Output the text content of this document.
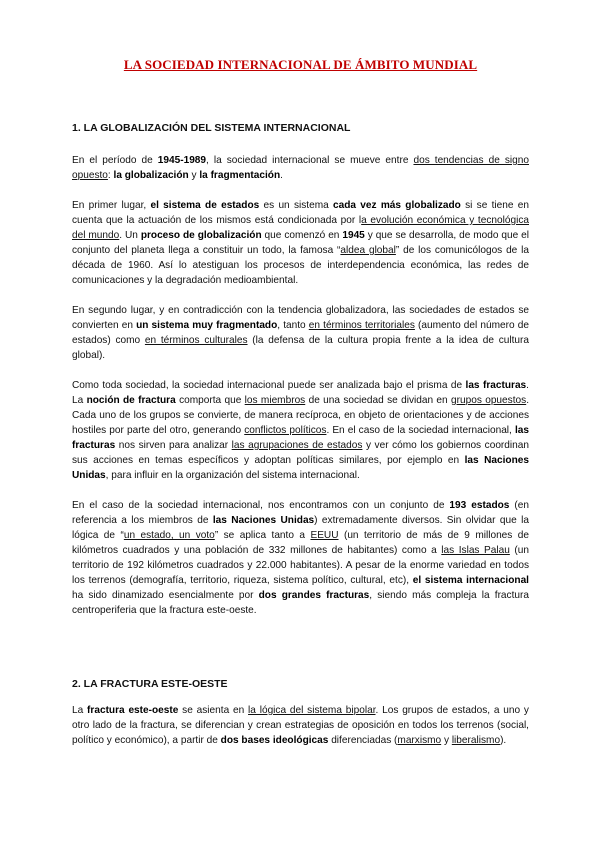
LA SOCIEDAD INTERNACIONAL DE ÁMBITO MUNDIAL
1. LA GLOBALIZACIÓN DEL SISTEMA INTERNACIONAL

En el período de 1945-1989, la sociedad internacional se mueve entre dos tendencias de signo opuesto: la globalización y la fragmentación.

En primer lugar, el sistema de estados es un sistema cada vez más globalizado si se tiene en cuenta que la actuación de los mismos está condicionada por la evolución económica y tecnológica del mundo. Un proceso de globalización que comenzó en 1945 y que se desarrolla, de modo que el conjunto del planeta llega a constituir un todo, la famosa “aldea global” de los comunicólogos de la década de 1960. Así lo atestiguan los procesos de interdependencia económica, las redes de comunicaciones y la degradación medioambiental.

En segundo lugar, y en contradicción con la tendencia globalizadora, las sociedades de estados se convierten en un sistema muy fragmentado, tanto en términos territoriales (aumento del número de estados) como en términos culturales (la defensa de la cultura propia frente a la idea de cultura global).

Como toda sociedad, la sociedad internacional puede ser analizada bajo el prisma de las fracturas. La noción de fractura comporta que los miembros de una sociedad se dividan en grupos opuestos. Cada uno de los grupos se convierte, de manera recíproca, en objeto de orientaciones y de acciones hostiles por parte del otro, generando conflictos políticos. En el caso de la sociedad internacional, las fracturas nos sirven para analizar las agrupaciones de estados y ver cómo los gobiernos coordinan sus acciones en temas específicos y adoptan políticas similares, por ejemplo en las Naciones Unidas, para influir en la organización del sistema internacional.

En el caso de la sociedad internacional, nos encontramos con un conjunto de 193 estados (en referencia a los miembros de las Naciones Unidas) extremadamente diversos. Sin olvidar que la lógica de “un estado, un voto” se aplica tanto a EEUU (un territorio de más de 9 millones de kilómetros cuadrados y una población de 332 millones de habitantes) como a las Islas Palau (un territorio de 192 kilómetros cuadrados y 22.000 habitantes). A pesar de la enorme variedad en todos los terrenos (demografía, territorio, riqueza, sistema político, cultural, etc), el sistema internacional ha sido dinamizado esencialmente por dos grandes fracturas, siendo más compleja la fractura centroperiferia que la fractura este-oeste.

2. LA FRACTURA ESTE-OESTE

La fractura este-oeste se asienta en la lógica del sistema bipolar. Los grupos de estados, a uno y otro lado de la fractura, se diferencian y crean estrategias de oposición en todos los terrenos (social, político y económico), a partir de dos bases ideológicas diferenciadas (marxismo y liberalismo).
